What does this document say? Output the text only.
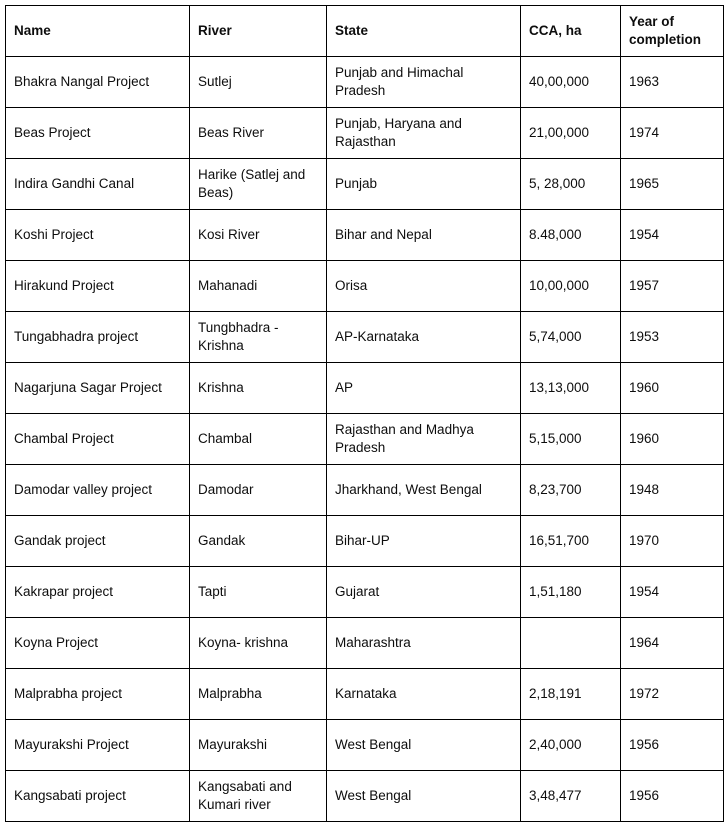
Name	River	State	CCA, ha	Year of completion
Bhakra Nangal Project	Sutlej	Punjab and Himachal Pradesh	40,00,000	1963
Beas Project	Beas River	Punjab, Haryana and Rajasthan	21,00,000	1974
Indira Gandhi Canal	Harike (Satlej and Beas)	Punjab	5, 28,000	1965
Koshi Project	Kosi River	Bihar and Nepal	8.48,000	1954
Hirakund Project	Mahanadi	Orisa	10,00,000	1957
Tungabhadra project	Tungbhadra - Krishna	AP-Karnataka	5,74,000	1953
Nagarjuna Sagar Project	Krishna	AP	13,13,000	1960
Chambal Project	Chambal	Rajasthan and Madhya Pradesh	5,15,000	1960
Damodar valley project	Damodar	Jharkhand, West Bengal	8,23,700	1948
Gandak project	Gandak	Bihar-UP	16,51,700	1970
Kakrapar project	Tapti	Gujarat	1,51,180	1954
Koyna Project	Koyna- krishna	Maharashtra		1964
Malprabha project	Malprabha	Karnataka	2,18,191	1972
Mayurakshi Project	Mayurakshi	West Bengal	2,40,000	1956
Kangsabati project	Kangsabati and Kumari river	West Bengal	3,48,477	1956
